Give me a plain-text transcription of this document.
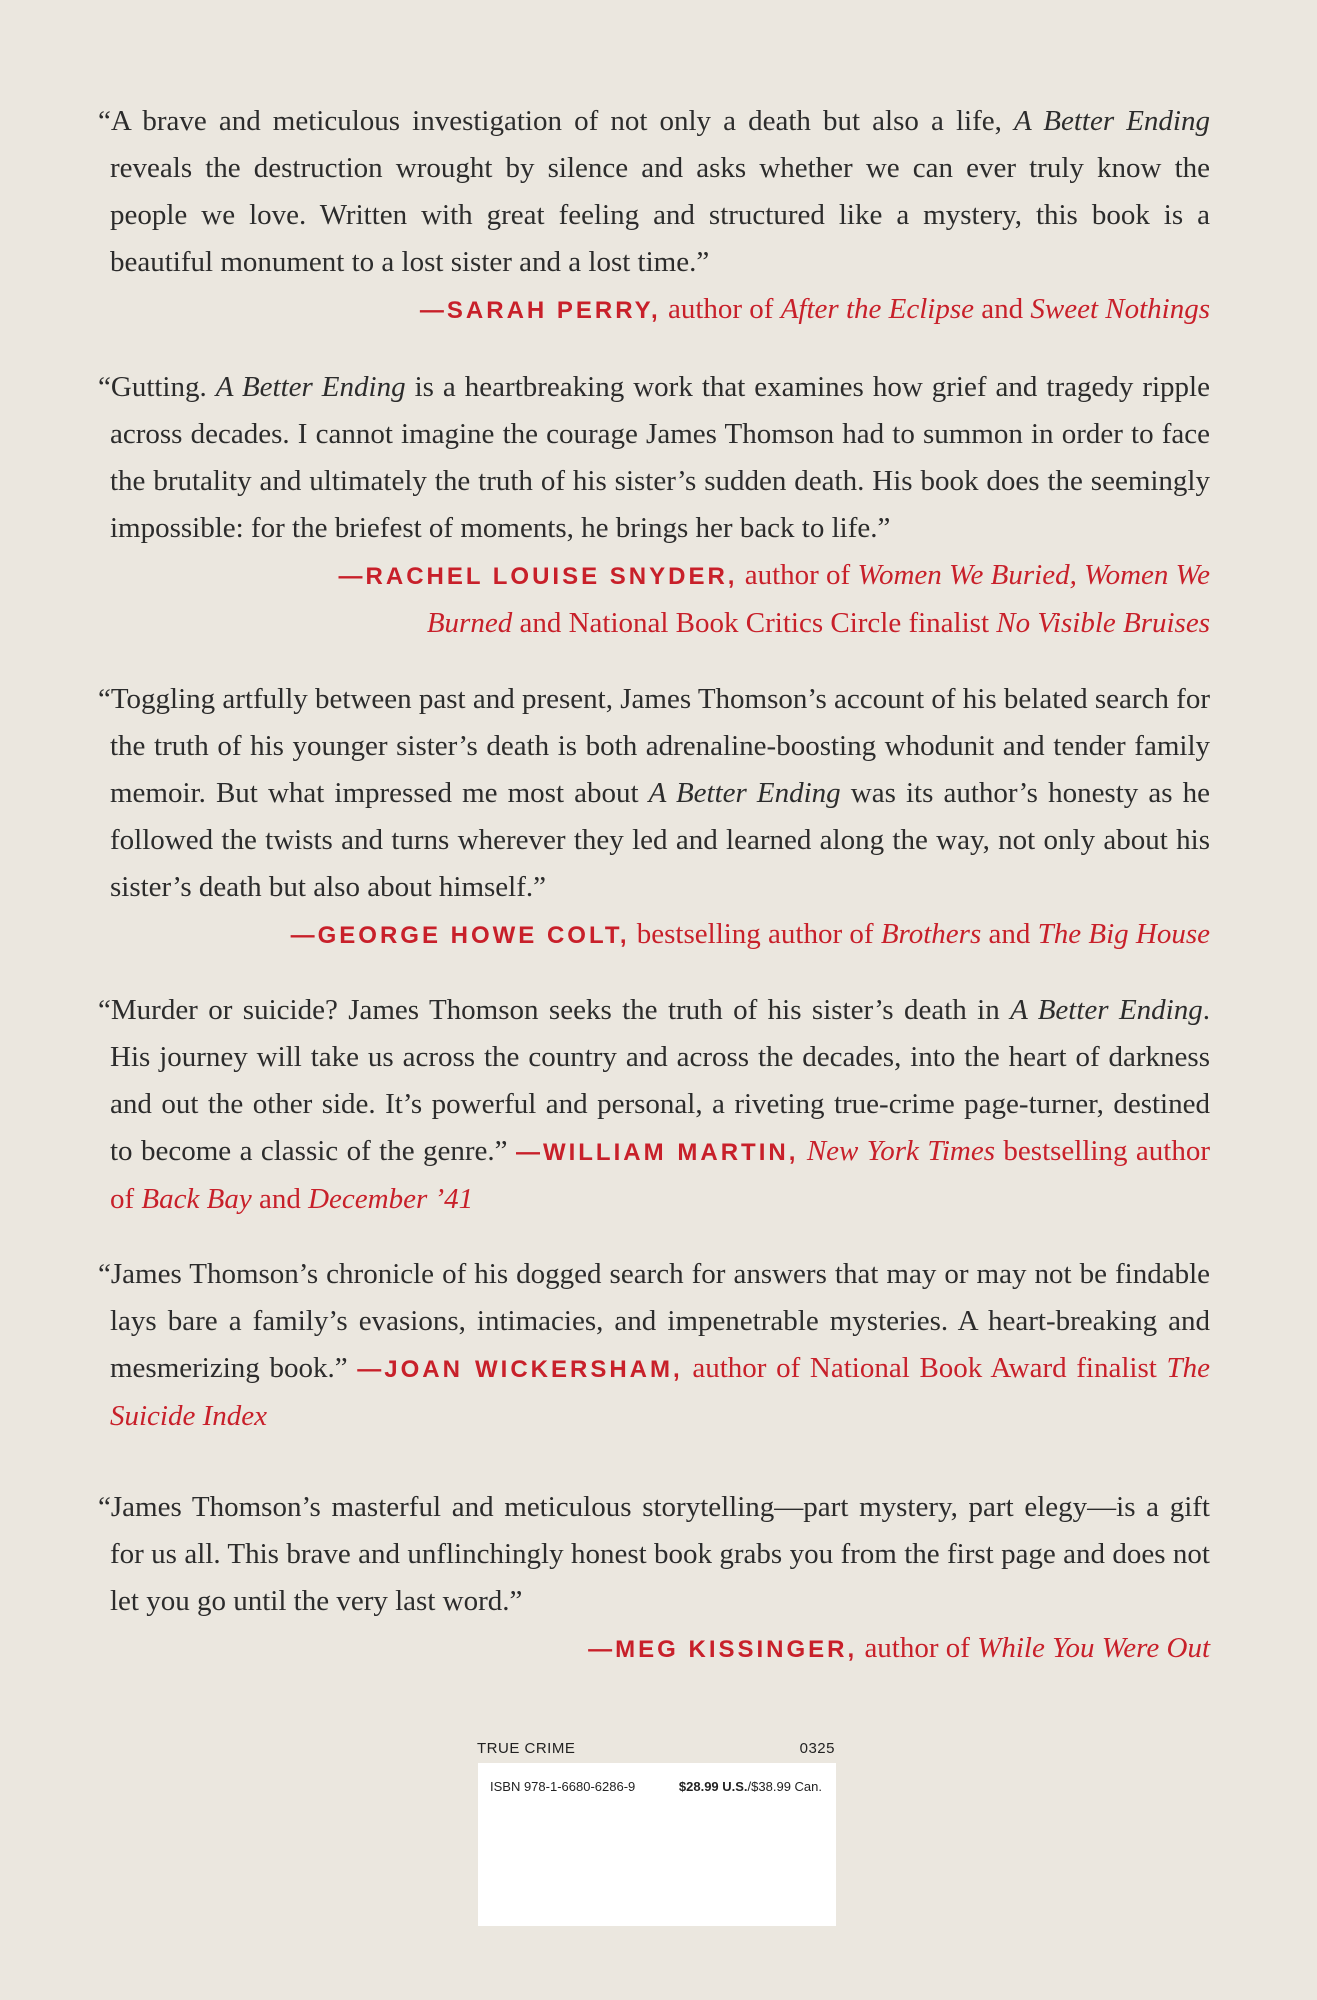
“A brave and meticulous investigation of not only a death but also a life, A Better Ending reveals the destruction wrought by silence and asks whether we can ever truly know the people we love. Written with great feeling and structured like a mystery, this book is a beautiful monument to a lost sister and a lost time.”

—SARAH PERRY, author of After the Eclipse and Sweet Nothings

“Gutting. A Better Ending is a heartbreaking work that examines how grief and tragedy ripple across decades. I cannot imagine the courage James Thomson had to summon in order to face the brutality and ultimately the truth of his sister’s sudden death. His book does the seemingly impossible: for the briefest of moments, he brings her back to life.”

—RACHEL LOUISE SNYDER, author of Women We Buried, Women We Burned and National Book Critics Circle finalist No Visible Bruises

“Toggling artfully between past and present, James Thomson’s account of his belated search for the truth of his younger sister’s death is both adrenaline-boosting whodunit and tender family memoir. But what impressed me most about A Better Ending was its author’s honesty as he followed the twists and turns wherever they led and learned along the way, not only about his sister’s death but also about himself.”

—GEORGE HOWE COLT, bestselling author of Brothers and The Big House

“Murder or suicide? James Thomson seeks the truth of his sister’s death in A Better Ending. His journey will take us across the country and across the decades, into the heart of darkness and out the other side. It’s powerful and personal, a riveting true-crime page-turner, destined to become a classic of the genre.” —WILLIAM MARTIN, New York Times bestselling author of Back Bay and December ’41

“James Thomson’s chronicle of his dogged search for answers that may or may not be findable lays bare a family’s evasions, intimacies, and impenetrable mysteries. A heart-breaking and mesmerizing book.” —JOAN WICKERSHAM, author of National Book Award finalist The Suicide Index

“James Thomson’s masterful and meticulous storytelling—part mystery, part elegy—is a gift for us all. This brave and unflinchingly honest book grabs you from the first page and does not let you go until the very last word.”

—MEG KISSINGER, author of While You Were Out

TRUE CRIME	0325
ISBN 978-1-6680-6286-9	$28.99 U.S./$38.99 Can.
